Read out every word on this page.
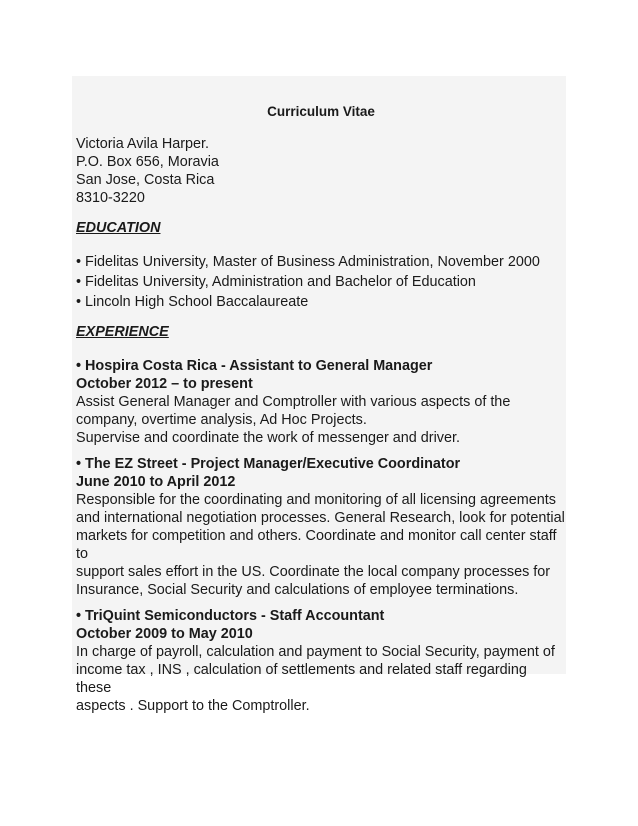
Curriculum Vitae
Victoria Avila Harper.
P.O. Box 656, Moravia
San Jose, Costa Rica
8310-3220
EDUCATION
• Fidelitas University, Master of Business Administration, November 2000
• Fidelitas University, Administration and Bachelor of Education
• Lincoln High School Baccalaureate
EXPERIENCE
• Hospira Costa Rica - Assistant to General Manager
October 2012 – to present
Assist General Manager and Comptroller with various aspects of the
company, overtime analysis, Ad Hoc Projects.
Supervise and coordinate the work of messenger and driver.
• The EZ Street - Project Manager/Executive Coordinator
June 2010 to April 2012
Responsible for the coordinating and monitoring of all licensing agreements
and international negotiation processes. General Research, look for potential
markets for competition and others. Coordinate and monitor call center staff to
support sales effort in the US. Coordinate the local company processes for
Insurance, Social Security and calculations of employee terminations.
• TriQuint Semiconductors - Staff Accountant
October 2009 to May 2010
In charge of payroll, calculation and payment to Social Security, payment of
income tax , INS , calculation of settlements and related staff regarding these
aspects . Support to the Comptroller.
